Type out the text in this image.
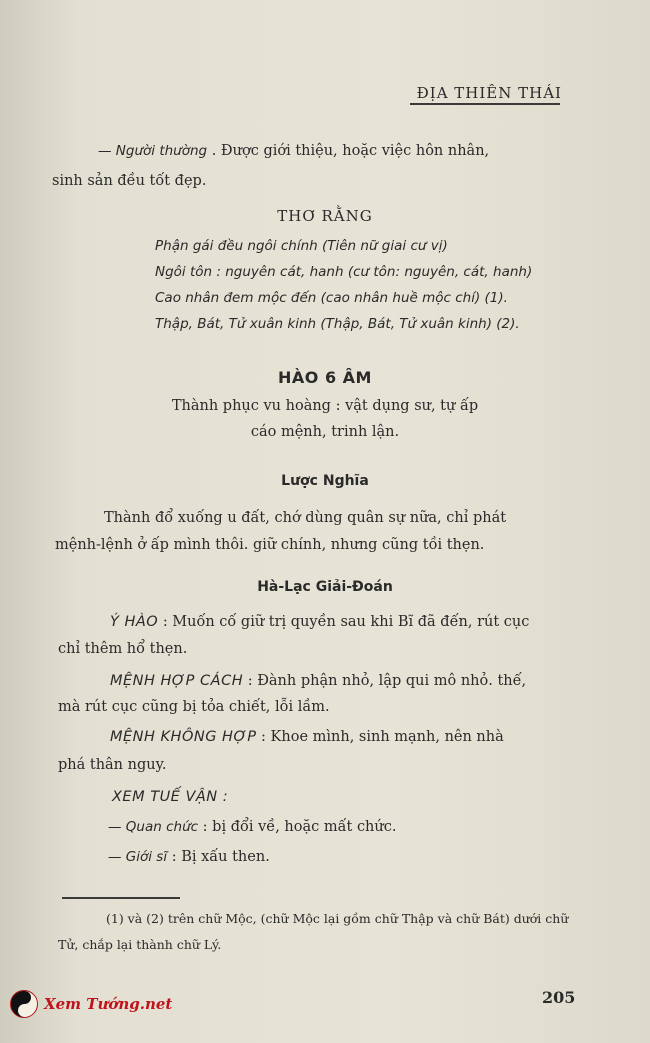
ĐỊA THIÊN THÁI
— Người thường . Được giới thiệu, hoặc việc hôn nhân,
sinh sản đều tốt đẹp.
THƠ RẰNG
Phận gái đều ngôi chính (Tiên nữ giai cư vị)
Ngôi tôn : nguyên cát, hanh (cư tôn: nguyên, cát, hanh)
Cao nhân đem mộc đến (cao nhân huề mộc chí) (1).
Thập, Bát, Tử xuân kinh (Thập, Bát, Tử xuân kinh) (2).
HÀO 6 ÂM
Thành phục vu hoàng : vật dụng sư, tự ấp
cáo mệnh, trinh lận.
Lược Nghĩa
Thành đổ xuống u đất, chớ dùng quân sự nữa, chỉ phát
mệnh-lệnh ở ấp mình thôi. giữ chính, nhưng cũng tồi thẹn.
Hà-Lạc Giải-Đoán
Ý HÀO : Muốn cố giữ trị quyền sau khi Bĩ đã đến, rút cục
chỉ thêm hổ thẹn.
MỆNH HỢP CÁCH : Đành phận nhỏ, lập qui mô nhỏ. thế,
mà rút cục cũng bị tỏa chiết, lỗi lầm.
MỆNH KHÔNG HỢP : Khoe mình, sinh mạnh, nên nhà
phá thân nguy.
XEM TUẾ VẬN :
— Quan chức : bị đổi về, hoặc mất chức.
— Giới sĩ : Bị xấu then.
(1) và (2) trên chữ Mộc, (chữ Mộc lại gồm chữ Thập và chữ Bát) dưới chữ Tử, chắp lại thành chữ Lý.
205
Xem Tướng.net
